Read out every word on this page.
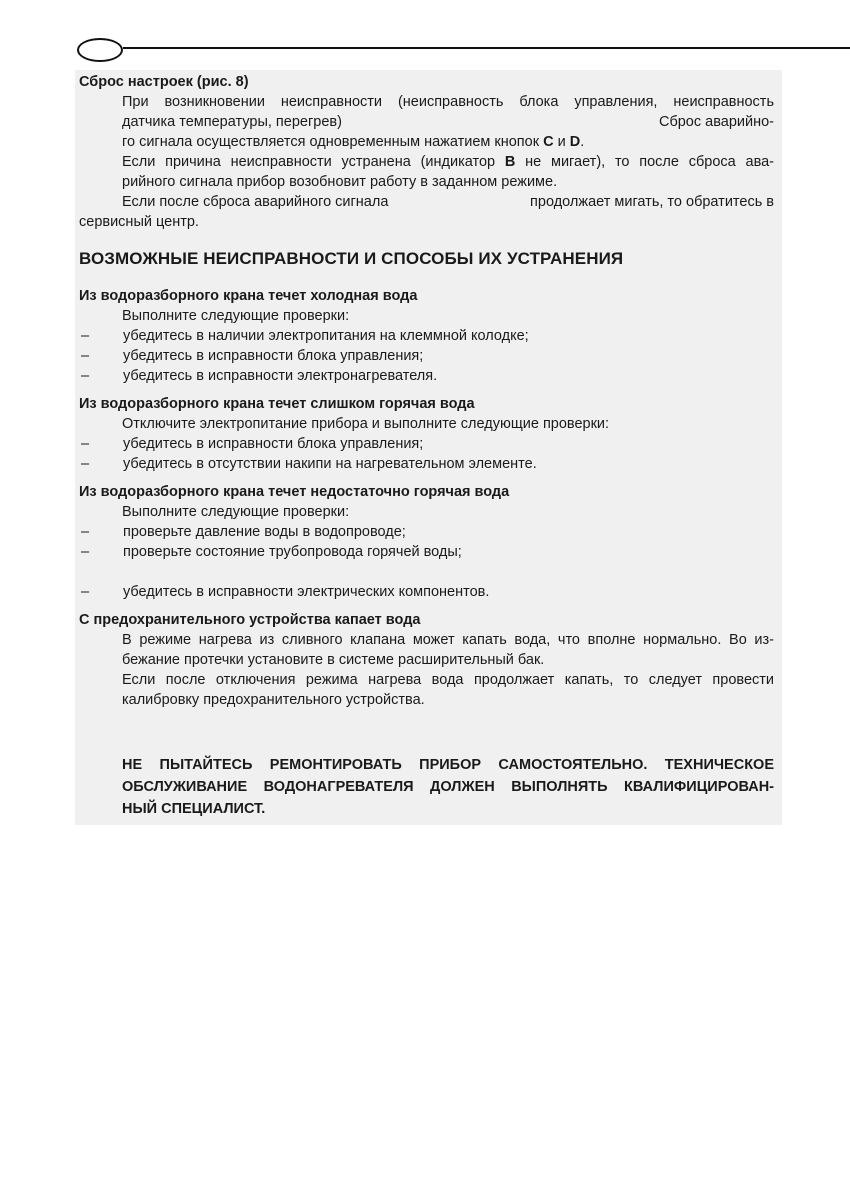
Сброс настроек (рис. 8)

При возникновении неисправности (неисправность блока управления, неисправность

датчика температуры, перегрев)	Сброс аварийно-

го сигнала осуществляется одновременным нажатием кнопок C и D.

Если причина неисправности устранена (индикатор B не мигает), то после сброса ава-

рийного сигнала прибор возобновит работу в заданном режиме.

Если после сброса аварийного сигнала	продолжает мигать, то обратитесь в

сервисный центр.

ВОЗМОЖНЫЕ НЕИСПРАВНОСТИ И СПОСОБЫ ИХ УСТРАНЕНИЯ

Из водоразборного крана течет холодная вода

Выполните следующие проверки:

–	убедитесь в наличии электропитания на клеммной колодке;
–	убедитесь в исправности блока управления;
–	убедитесь в исправности электронагревателя.

Из водоразборного крана течет слишком горячая вода

Отключите электропитание прибора и выполните следующие проверки:

–	убедитесь в исправности блока управления;
–	убедитесь в отсутствии накипи на нагревательном элементе.

Из водоразборного крана течет недостаточно горячая вода

Выполните следующие проверки:

–	проверьте давление воды в водопроводе;
–	проверьте состояние трубопровода горячей воды;
–	убедитесь в исправности электрических компонентов.

С предохранительного устройства капает вода

В режиме нагрева из сливного клапана может капать вода, что вполне нормально. Во из-

бежание протечки установите в системе расширительный бак.

Если после отключения режима нагрева вода продолжает капать, то следует провести

калибровку предохранительного устройства.

НЕ ПЫТАЙТЕСЬ РЕМОНТИРОВАТЬ ПРИБОР САМОСТОЯТЕЛЬНО. ТЕХНИЧЕСКОЕ

ОБСЛУЖИВАНИЕ ВОДОНАГРЕВАТЕЛЯ ДОЛЖЕН ВЫПОЛНЯТЬ КВАЛИФИЦИРОВАН-

НЫЙ СПЕЦИАЛИСТ.
